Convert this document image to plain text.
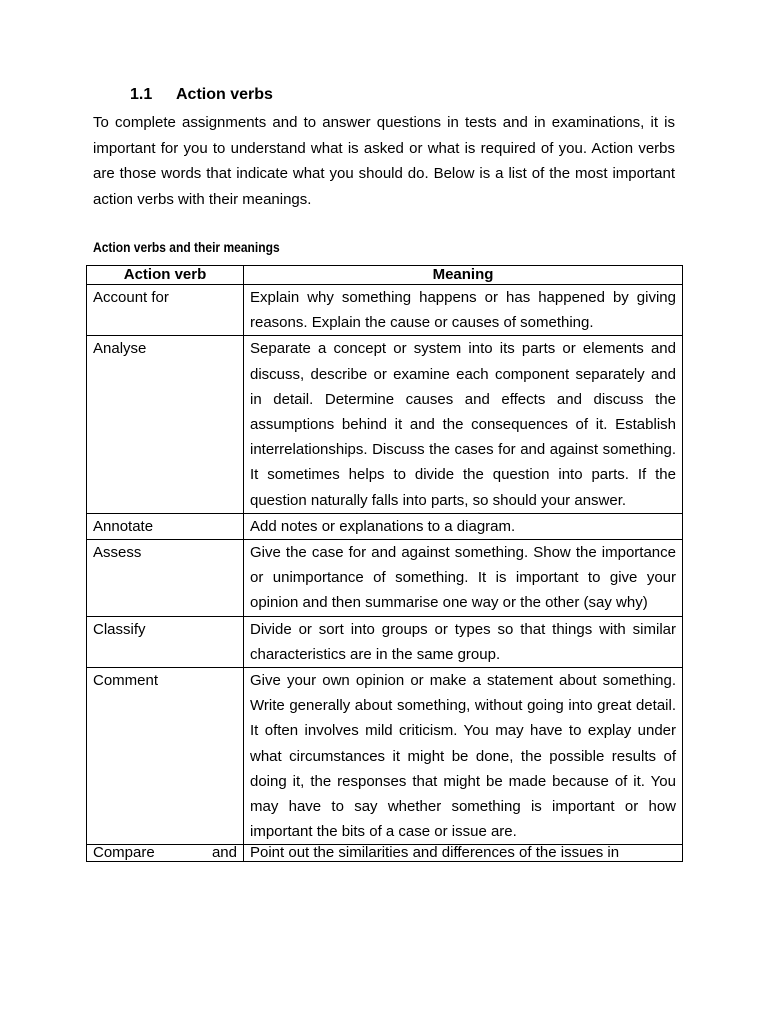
1.1 Action verbs

To complete assignments and to answer questions in tests and in examinations, it is important for you to understand what is asked or what is required of you. Action verbs are those words that indicate what you should do. Below is a list of the most important action verbs with their meanings.

Action verbs and their meanings
Action verb	Meaning
Account for	Explain why something happens or has happened by giving reasons. Explain the cause or causes of something.
Analyse	Separate a concept or system into its parts or elements and discuss, describe or examine each component separately and in detail. Determine causes and effects and discuss the assumptions behind it and the consequences of it. Establish interrelationships. Discuss the cases for and against something. It sometimes helps to divide the question into parts. If the question naturally falls into parts, so should your answer.
Annotate	Add notes or explanations to a diagram.
Assess	Give the case for and against something. Show the importance or unimportance of something. It is important to give your opinion and then summarise one way or the other (say why)
Classify	Divide or sort into groups or types so that things with similar characteristics are in the same group.
Comment	Give your own opinion or make a statement about something. Write generally about something, without going into great detail. It often involves mild criticism. You may have to explay under what circumstances it might be done, the possible results of doing it, the responses that might be made because of it. You may have to say whether something is important or how important the bits of a case or issue are.

Compare and	Point out the similarities and differences of the issues in
